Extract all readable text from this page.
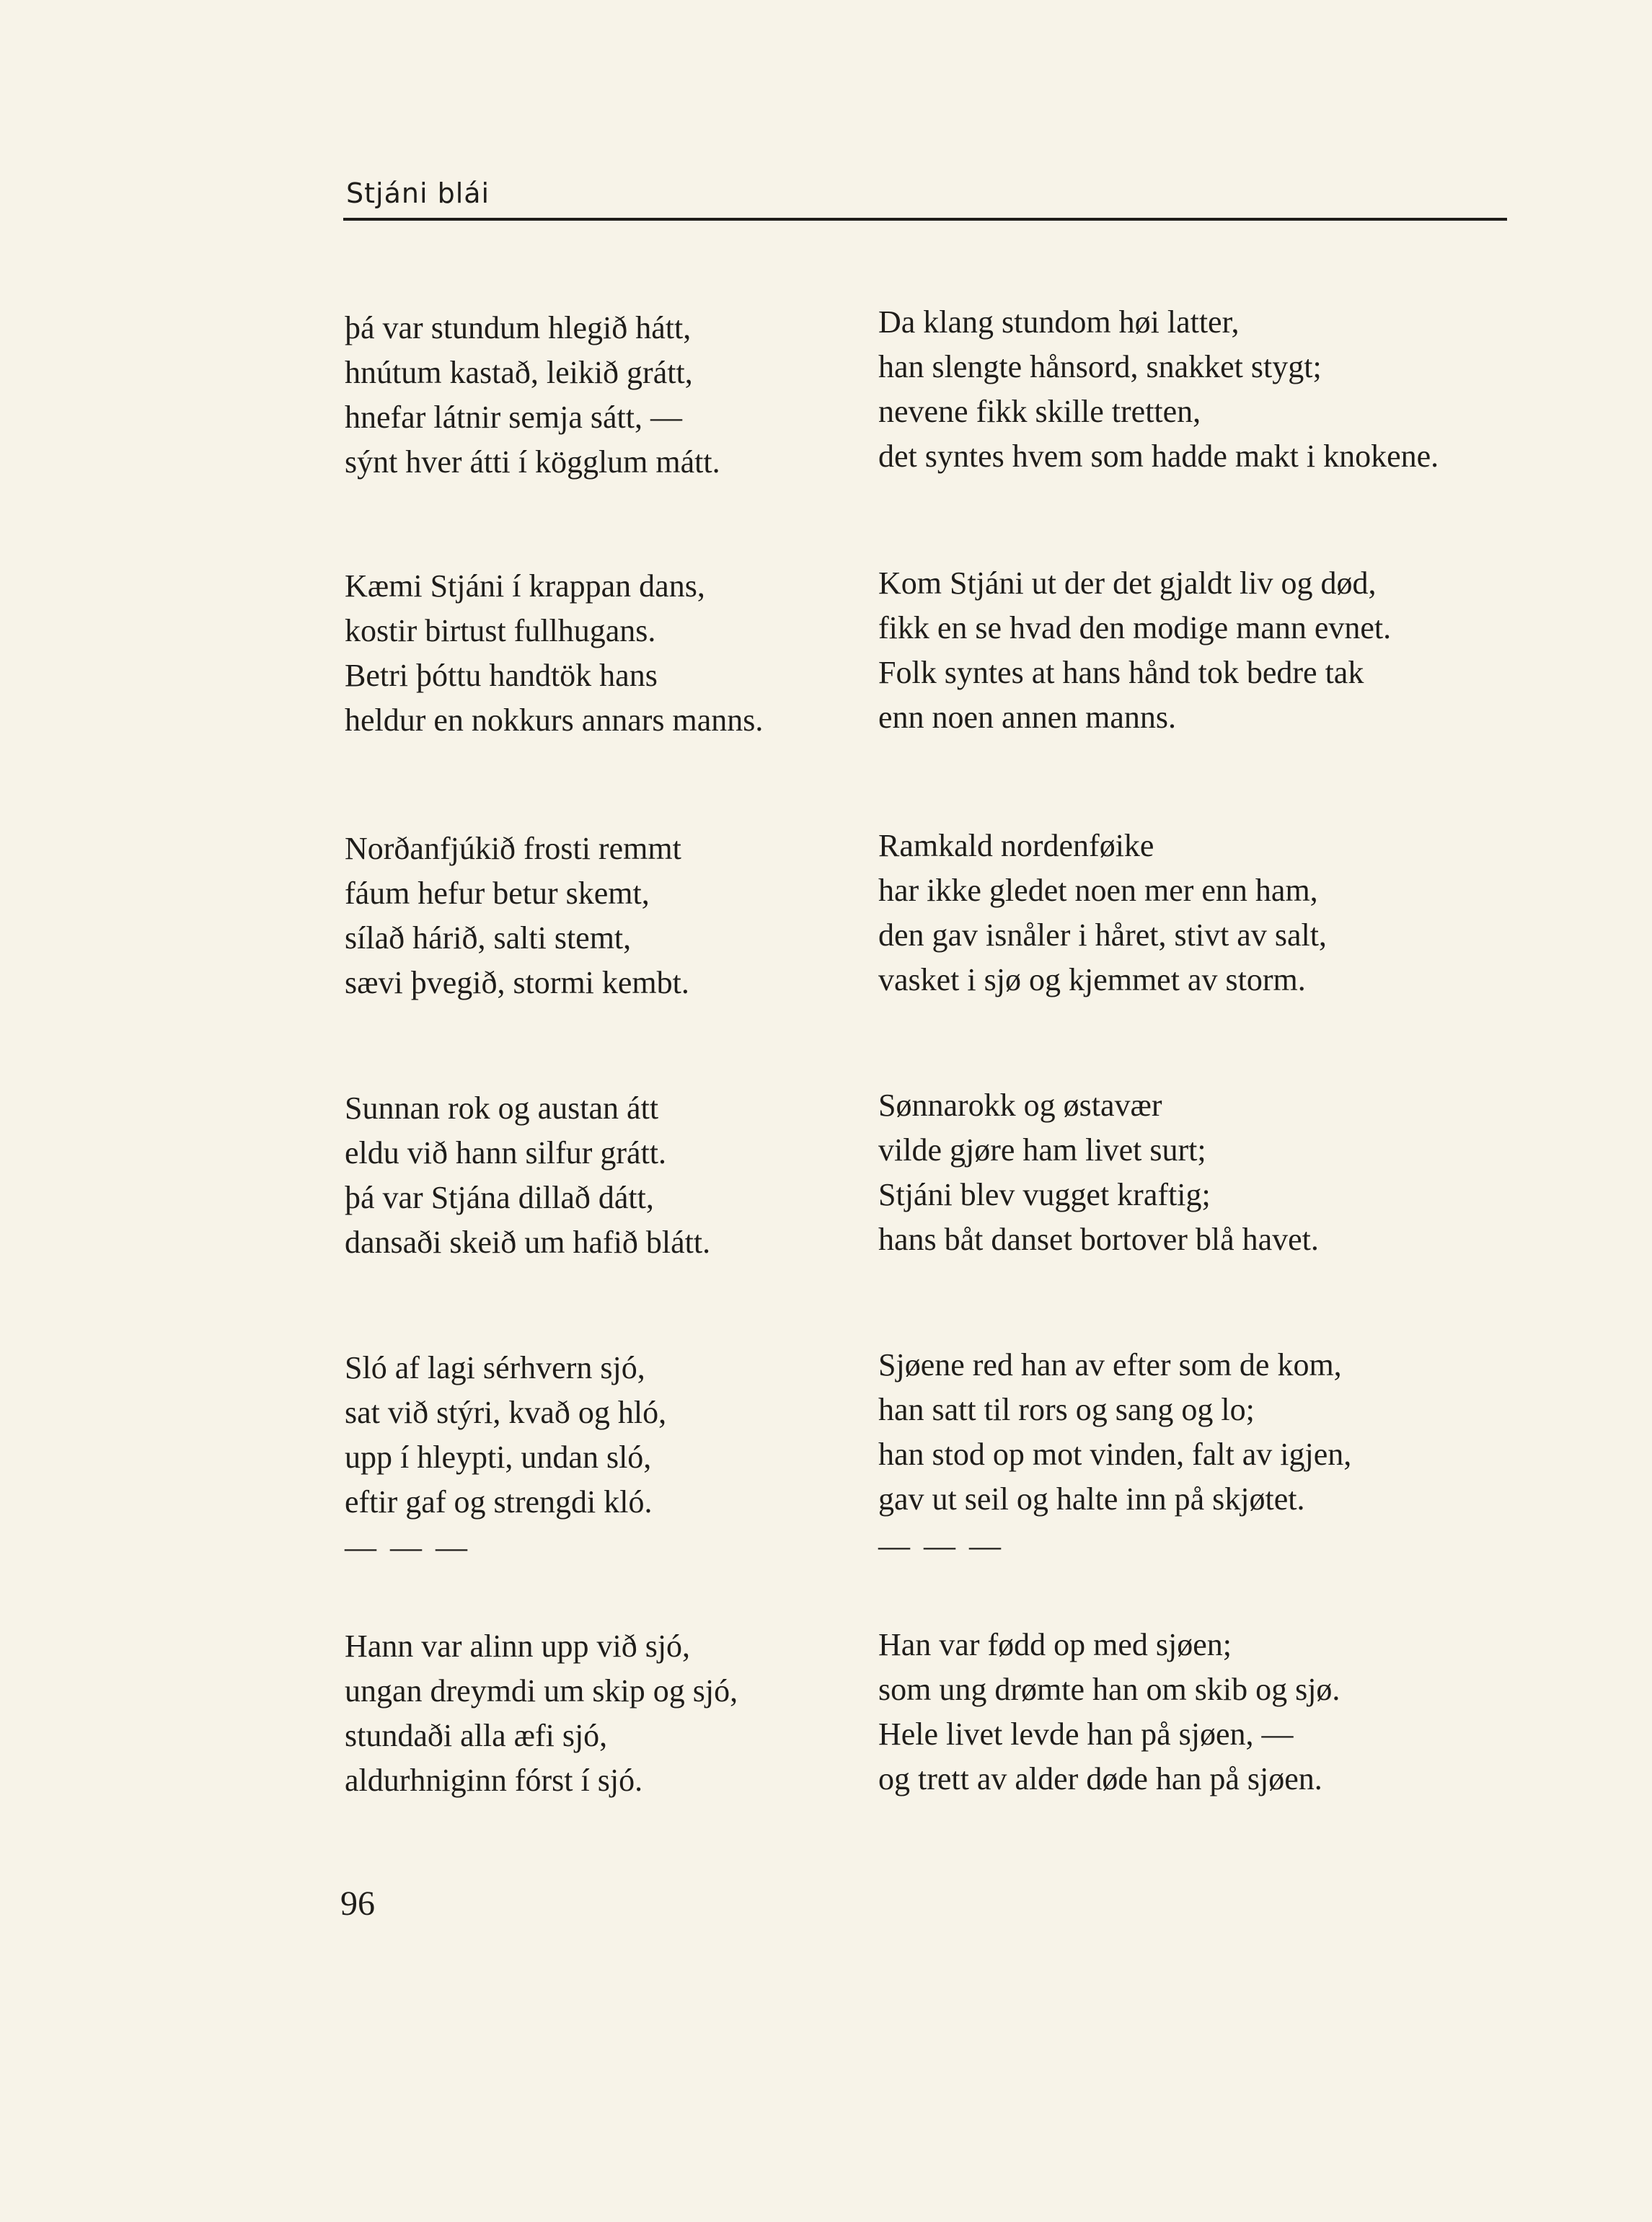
Stjáni blái
þá var stundum hlegið hátt,
hnútum kastað, leikið grátt,
hnefar látnir semja sátt, —
sýnt hver átti í kögglum mátt.
Da klang stundom høi latter,
han slengte hånsord, snakket stygt;
nevene fikk skille tretten,
det syntes hvem som hadde makt i knokene.
Kæmi Stjáni í krappan dans,
kostir birtust fullhugans.
Betri þóttu handtök hans
heldur en nokkurs annars manns.
Kom Stjáni ut der det gjaldt liv og død,
fikk en se hvad den modige mann evnet.
Folk syntes at hans hånd tok bedre tak
enn noen annen manns.
Norðanfjúkið frosti remmt
fáum hefur betur skemt,
sílað hárið, salti stemt,
sævi þvegið, stormi kembt.
Ramkald nordenføike
har ikke gledet noen mer enn ham,
den gav isnåler i håret, stivt av salt,
vasket i sjø og kjemmet av storm.
Sunnan rok og austan átt
eldu við hann silfur grátt.
þá var Stjána dillað dátt,
dansaði skeið um hafið blátt.
Sønnarokk og østavær
vilde gjøre ham livet surt;
Stjáni blev vugget kraftig;
hans båt danset bortover blå havet.
Sló af lagi sérhvern sjó,
sat við stýri, kvað og hló,
upp í hleypti, undan sló,
eftir gaf og strengdi kló.
Sjøene red han av efter som de kom,
han satt til rors og sang og lo;
han stod op mot vinden, falt av igjen,
gav ut seil og halte inn på skjøtet.
— — —	— — —
Hann var alinn upp við sjó,
ungan dreymdi um skip og sjó,
stundaði alla æfi sjó,
aldurhniginn fórst í sjó.
Han var fødd op med sjøen;
som ung drømte han om skib og sjø.
Hele livet levde han på sjøen, —
og trett av alder døde han på sjøen.
96
